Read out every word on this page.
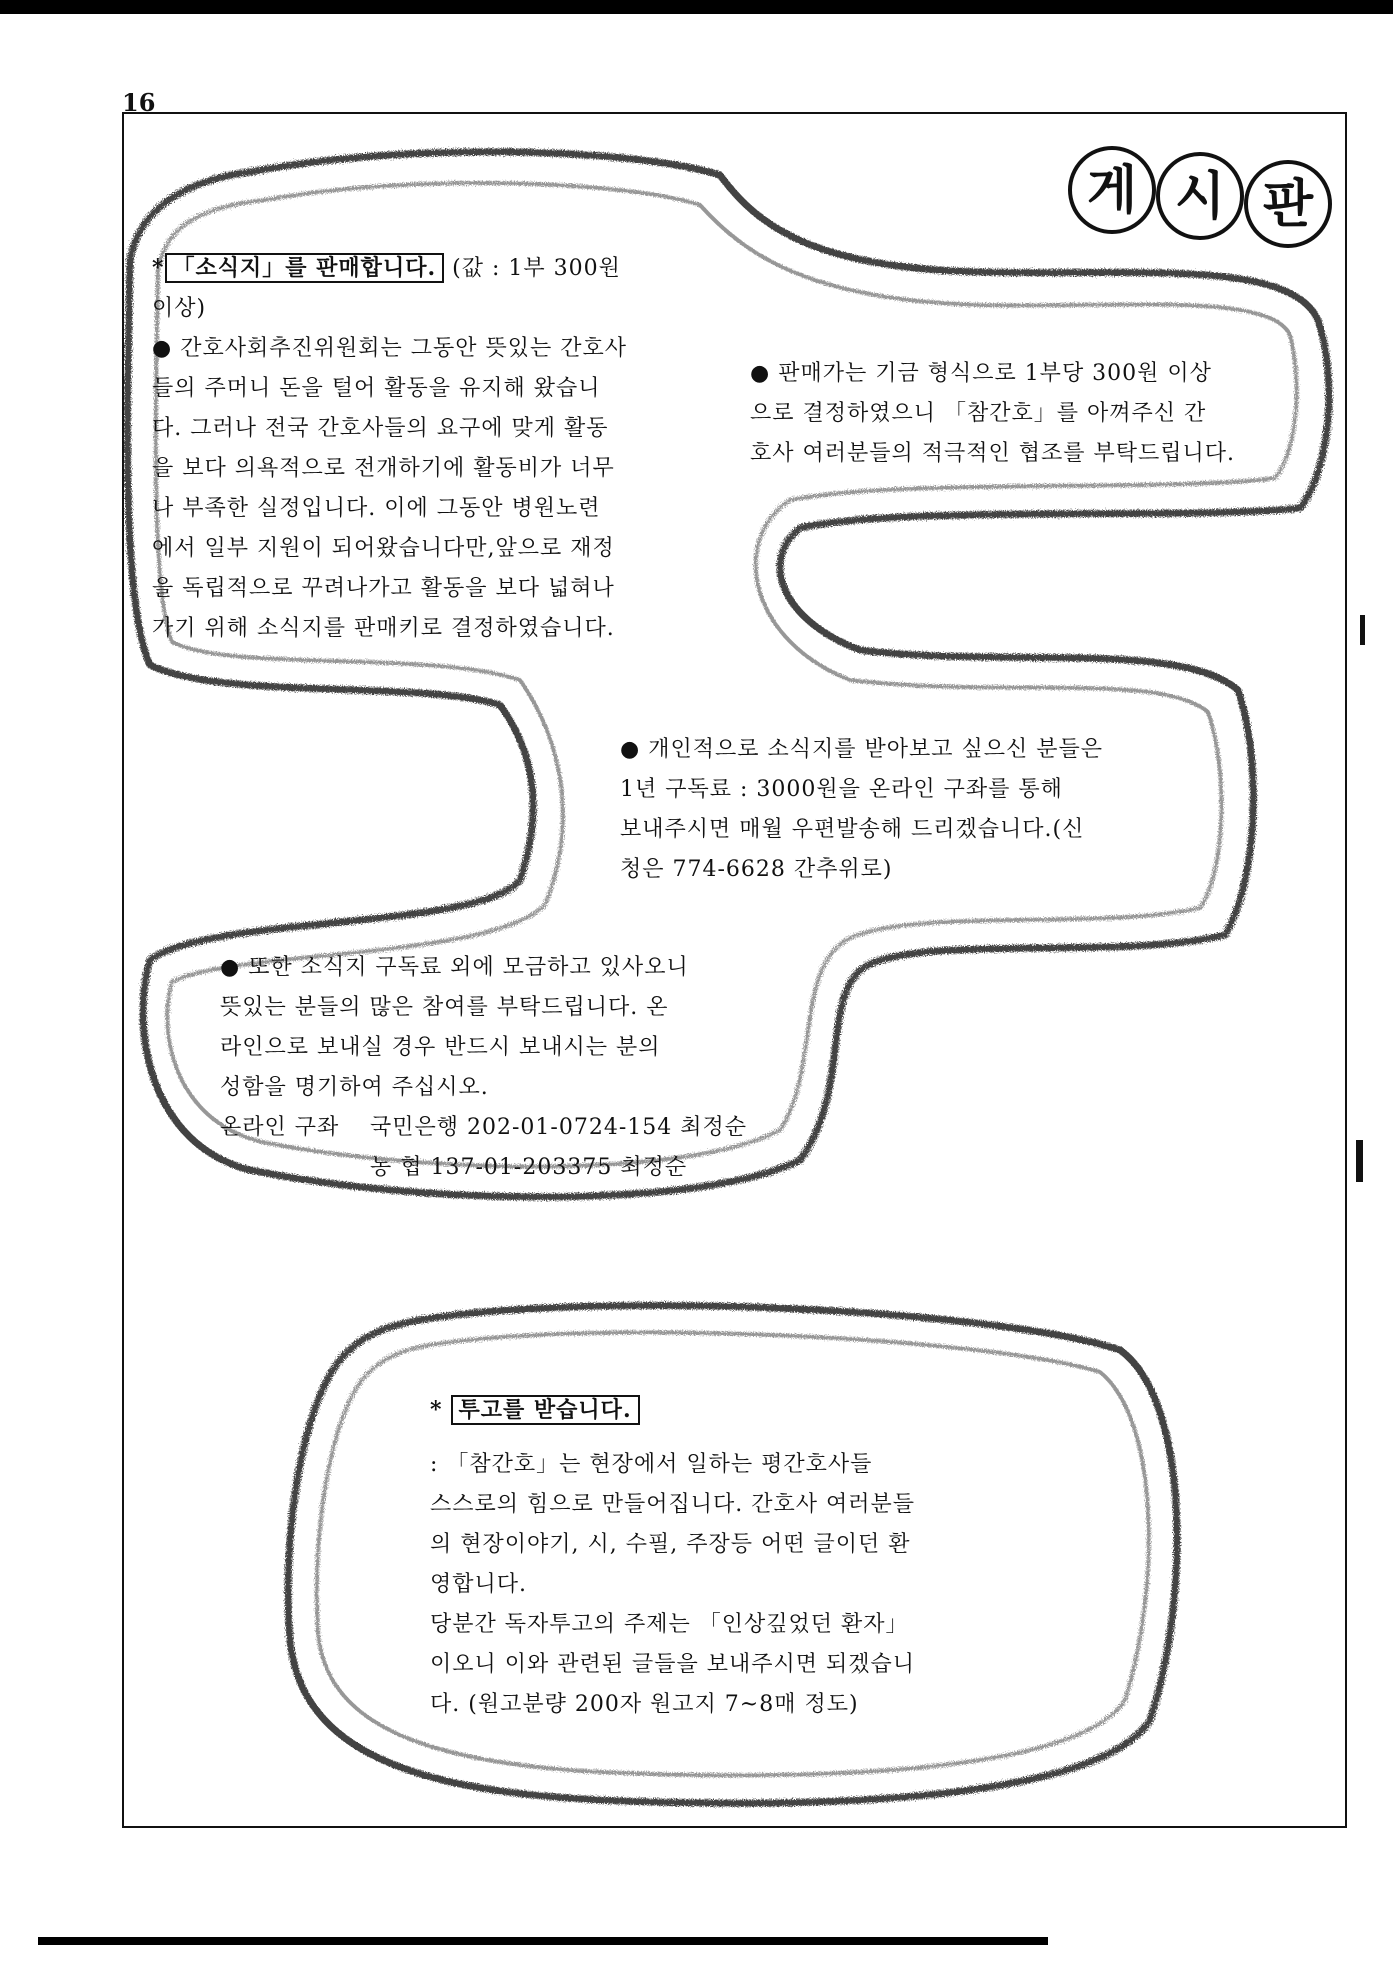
16
게 시 판

* 「소식지」를 판매합니다. (값 : 1부 300원

이상)

● 간호사회추진위원회는 그동안 뜻있는 간호사

들의 주머니 돈을 털어 활동을 유지해 왔습니

다. 그러나 전국 간호사들의 요구에 맞게 활동

을 보다 의욕적으로 전개하기에 활동비가 너무

나 부족한 실정입니다. 이에 그동안 병원노련

에서 일부 지원이 되어왔습니다만,앞으로 재정

을 독립적으로 꾸려나가고 활동을 보다 넓혀나

가기 위해 소식지를 판매키로 결정하였습니다.

● 판매가는 기금 형식으로 1부당 300원 이상

으로 결정하였으니 「참간호」를 아껴주신 간

호사 여러분들의 적극적인 협조를 부탁드립니다.

● 개인적으로 소식지를 받아보고 싶으신 분들은

1년 구독료 : 3000원을 온라인 구좌를 통해

보내주시면 매월 우편발송해 드리겠습니다.(신

청은 774-6628 간추위로)

● 또한 소식지 구독료 외에 모금하고 있사오니

뜻있는 분들의 많은 참여를 부탁드립니다. 온

라인으로 보내실 경우 반드시 보내시는 분의

성함을 명기하여 주십시오.

온라인 구좌	국민은행 202-01-0724-154 최정순
농 협 137-01-203375 최정순

* 투고를 받습니다.

: 「참간호」는 현장에서 일하는 평간호사들

스스로의 힘으로 만들어집니다. 간호사 여러분들

의 현장이야기, 시, 수필, 주장등 어떤 글이던 환

영합니다.

당분간 독자투고의 주제는 「인상깊었던 환자」

이오니 이와 관련된 글들을 보내주시면 되겠습니

다. (원고분량 200자 원고지 7~8매 정도)
